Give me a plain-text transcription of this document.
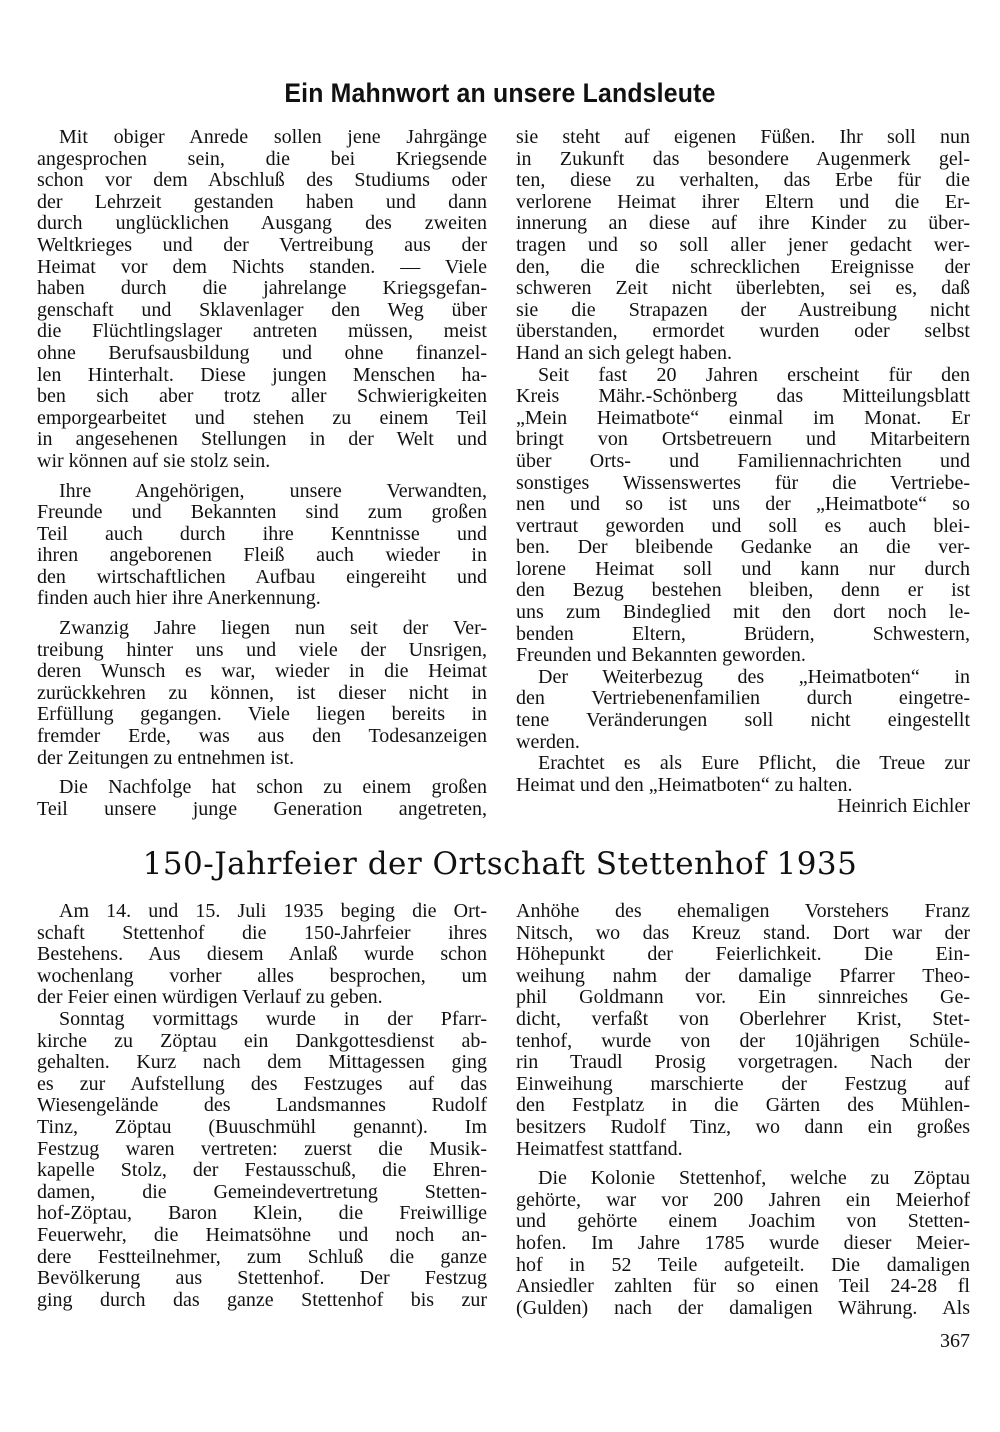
Ein Mahnwort an unsere Landsleute
Mit obiger Anrede sollen jene Jahrgänge
angesprochen sein, die bei Kriegsende
schon vor dem Abschluß des Studiums oder
der Lehrzeit gestanden haben und dann
durch unglücklichen Ausgang des zweiten
Weltkrieges und der Vertreibung aus der
Heimat vor dem Nichts standen. — Viele
haben durch die jahrelange Kriegsgefan-
genschaft und Sklavenlager den Weg über
die Flüchtlingslager antreten müssen, meist
ohne Berufsausbildung und ohne finanzel-
len Hinterhalt. Diese jungen Menschen ha-
ben sich aber trotz aller Schwierigkeiten
emporgearbeitet und stehen zu einem Teil
in angesehenen Stellungen in der Welt und
wir können auf sie stolz sein.
Ihre Angehörigen, unsere Verwandten,
Freunde und Bekannten sind zum großen
Teil auch durch ihre Kenntnisse und
ihren angeborenen Fleiß auch wieder in
den wirtschaftlichen Aufbau eingereiht und
finden auch hier ihre Anerkennung.
Zwanzig Jahre liegen nun seit der Ver-
treibung hinter uns und viele der Unsrigen,
deren Wunsch es war, wieder in die Heimat
zurückkehren zu können, ist dieser nicht in
Erfüllung gegangen. Viele liegen bereits in
fremder Erde, was aus den Todesanzeigen
der Zeitungen zu entnehmen ist.
Die Nachfolge hat schon zu einem großen
Teil unsere junge Generation angetreten,
sie steht auf eigenen Füßen. Ihr soll nun
in Zukunft das besondere Augenmerk gel-
ten, diese zu verhalten, das Erbe für die
verlorene Heimat ihrer Eltern und die Er-
innerung an diese auf ihre Kinder zu über-
tragen und so soll aller jener gedacht wer-
den, die die schrecklichen Ereignisse der
schweren Zeit nicht überlebten, sei es, daß
sie die Strapazen der Austreibung nicht
überstanden, ermordet wurden oder selbst
Hand an sich gelegt haben.
Seit fast 20 Jahren erscheint für den
Kreis Mähr.-Schönberg das Mitteilungsblatt
„Mein Heimatbote“ einmal im Monat. Er
bringt von Ortsbetreuern und Mitarbeitern
über Orts- und Familiennachrichten und
sonstiges Wissenswertes für die Vertriebe-
nen und so ist uns der „Heimatbote“ so
vertraut geworden und soll es auch blei-
ben. Der bleibende Gedanke an die ver-
lorene Heimat soll und kann nur durch
den Bezug bestehen bleiben, denn er ist
uns zum Bindeglied mit den dort noch le-
benden Eltern, Brüdern, Schwestern,
Freunden und Bekannten geworden.
Der Weiterbezug des „Heimatboten“ in
den Vertriebenenfamilien durch eingetre-
tene Veränderungen soll nicht eingestellt
werden.
Erachtet es als Eure Pflicht, die Treue zur
Heimat und den „Heimatboten“ zu halten.
Heinrich Eichler
150-Jahrfeier der Ortschaft Stettenhof 1935
Am 14. und 15. Juli 1935 beging die Ort-
schaft Stettenhof die 150-Jahrfeier ihres
Bestehens. Aus diesem Anlaß wurde schon
wochenlang vorher alles besprochen, um
der Feier einen würdigen Verlauf zu geben.
Sonntag vormittags wurde in der Pfarr-
kirche zu Zöptau ein Dankgottesdienst ab-
gehalten. Kurz nach dem Mittagessen ging
es zur Aufstellung des Festzuges auf das
Wiesengelände des Landsmannes Rudolf
Tinz, Zöptau (Buuschmühl genannt). Im
Festzug waren vertreten: zuerst die Musik-
kapelle Stolz, der Festausschuß, die Ehren-
damen, die Gemeindevertretung Stetten-
hof-Zöptau, Baron Klein, die Freiwillige
Feuerwehr, die Heimatsöhne und noch an-
dere Festteilnehmer, zum Schluß die ganze
Bevölkerung aus Stettenhof. Der Festzug
ging durch das ganze Stettenhof bis zur
Anhöhe des ehemaligen Vorstehers Franz
Nitsch, wo das Kreuz stand. Dort war der
Höhepunkt der Feierlichkeit. Die Ein-
weihung nahm der damalige Pfarrer Theo-
phil Goldmann vor. Ein sinnreiches Ge-
dicht, verfaßt von Oberlehrer Krist, Stet-
tenhof, wurde von der 10jährigen Schüle-
rin Traudl Prosig vorgetragen. Nach der
Einweihung marschierte der Festzug auf
den Festplatz in die Gärten des Mühlen-
besitzers Rudolf Tinz, wo dann ein großes
Heimatfest stattfand.
Die Kolonie Stettenhof, welche zu Zöptau
gehörte, war vor 200 Jahren ein Meierhof
und gehörte einem Joachim von Stetten-
hofen. Im Jahre 1785 wurde dieser Meier-
hof in 52 Teile aufgeteilt. Die damaligen
Ansiedler zahlten für so einen Teil 24-28 fl
(Gulden) nach der damaligen Währung. Als
367
